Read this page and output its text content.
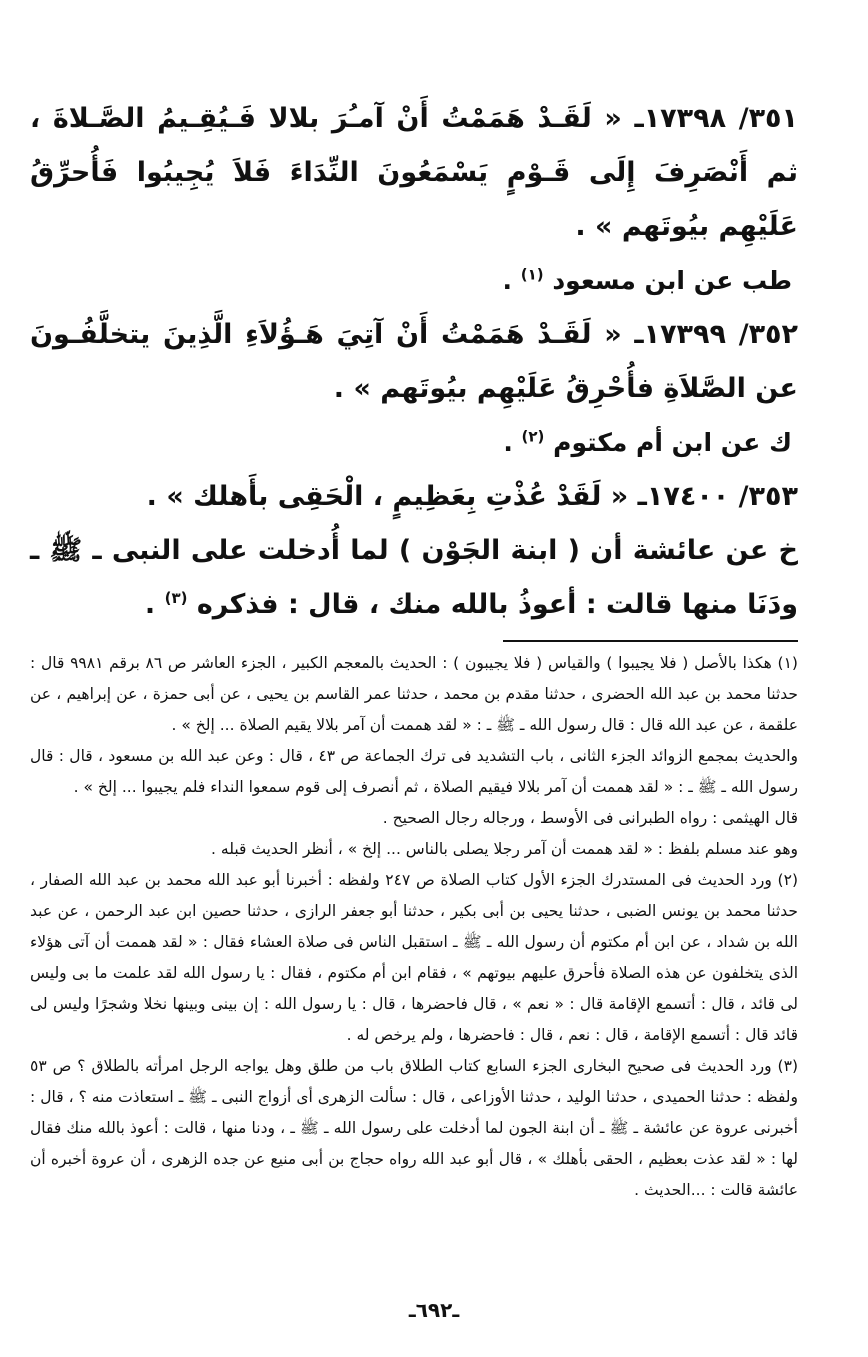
٣٥١/ ١٧٣٩٨ـ « لَقَـدْ هَمَمْتُ أَنْ آمـُرَ بلالا فَـيُقِـيمُ الصَّـلاةَ ، ثم أَنْصَرِفَ إِلَى قَـوْمٍ يَسْمَعُونَ النِّدَاءَ فَلاَ يُجِيبُوا فَأُحرِّقُ عَلَيْهِم بيُوتَهم » .

طب عن ابن مسعود $^{(١)}$ .

٣٥٢/ ١٧٣٩٩ـ « لَقَـدْ هَمَمْتُ أَنْ آتِيَ هَـؤُلاَءِ الَّذِينَ يتخلَّفُـونَ عن الصَّلاَةِ فأُحْرِقُ عَلَيْهِم بيُوتَهم » .

ك عن ابن أم مكتوم $^{(٢)}$ .

٣٥٣/ ١٧٤٠٠ـ « لَقَدْ عُذْتِ بِعَظِيمٍ ، الْحَقِى بأَهلك » .

خ عن عائشة أن ( ابنة الجَوْن ) لما أُدخلت على النبى ـ ﷺ ـ ودَنَا منها قالت : أعوذُ بالله منك ، قال : فذكره $^{(٣)}$ .

(١) هكذا بالأصل ( فلا يجيبوا ) والقياس ( فلا يجيبون ) : الحديث بالمعجم الكبير ، الجزء العاشر ص ٨٦ برقم ٩٩٨١ قال : حدثنا محمد بن عبد الله الحضرى ، حدثنا مقدم بن محمد ، حدثنا عمر القاسم بن يحيى ، عن أبى حمزة ، عن إبراهيم ، عن علقمة ، عن عبد الله قال : قال رسول الله ـ ﷺ ـ : « لقد هممت أن آمر بلالا يقيم الصلاة ... إلخ » .

والحديث بمجمع الزوائد الجزء الثانى ، باب التشديد فى ترك الجماعة ص ٤٣ ، قال : وعن عبد الله بن مسعود ، قال : قال رسول الله ـ ﷺ ـ : « لقد هممت أن آمر بلالا فيقيم الصلاة ، ثم أنصرف إلى قوم سمعوا النداء فلم يجيبوا ... إلخ » .

قال الهيثمى : رواه الطبرانى فى الأوسط ، ورجاله رجال الصحيح .

وهو عند مسلم بلفظ : « لقد هممت أن آمر رجلا يصلى بالناس ... إلخ » ، أنظر الحديث قبله .

(٢) ورد الحديث فى المستدرك الجزء الأول كتاب الصلاة ص ٢٤٧ ولفظه : أخبرنا أبو عبد الله محمد بن عبد الله الصفار ، حدثنا محمد بن يونس الضبى ، حدثنا يحيى بن أبى بكير ، حدثنا أبو جعفر الرازى ، حدثنا حصين ابن عبد الرحمن ، عن عبد الله بن شداد ، عن ابن أم مكتوم أن رسول الله ـ ﷺ ـ استقبل الناس فى صلاة العشاء فقال : « لقد هممت أن آتى هؤلاء الذى يتخلفون عن هذه الصلاة فأحرق عليهم بيوتهم » ، فقام ابن أم مكتوم ، فقال : يا رسول الله لقد علمت ما بى وليس لى قائد ، قال : أتسمع الإقامة قال : « نعم » ، قال فاحضرها ، قال : يا رسول الله : إن بينى وبينها نخلا وشجرًا وليس لى قائد قال : أتسمع الإقامة ، قال : نعم ، قال : فاحضرها ، ولم يرخص له .

(٣) ورد الحديث فى صحيح البخارى الجزء السابع كتاب الطلاق باب من طلق وهل يواجه الرجل امرأته بالطلاق ؟ ص ٥٣ ولفظه : حدثنا الحميدى ، حدثنا الوليد ، حدثنا الأوزاعى ، قال : سألت الزهرى أى أزواج النبى ـ ﷺ ـ استعاذت منه ؟ ، قال : أخبرنى عروة عن عائشة ـ ﷺ ـ أن ابنة الجون لما أدخلت على رسول الله ـ ﷺ ـ ، ودنا منها ، قالت : أعوذ بالله منك فقال لها : « لقد عذت بعظيم ، الحقى بأهلك » ، قال أبو عبد الله رواه حجاج بن أبى منيع عن جده الزهرى ، أن عروة أخبره أن عائشة قالت : ...الحديث .

ـ٦٩٢ـ
